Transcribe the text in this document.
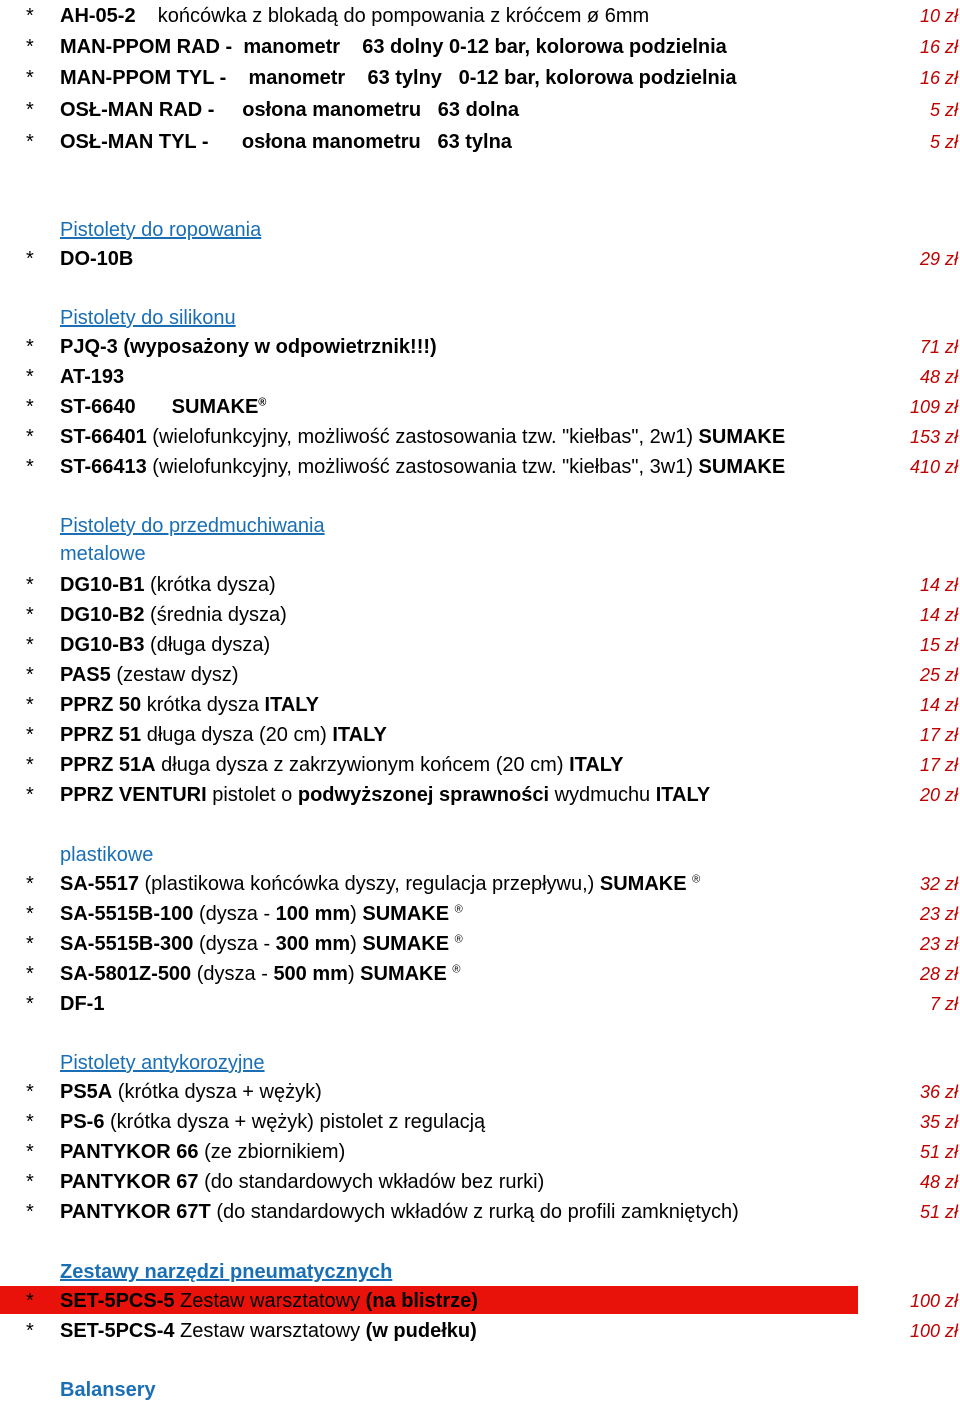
* AH-05-2    końcówka z blokadą do pompowania z króćcem ø 6mm	10 zł
* MAN-PPOM RAD -  manometr    63 dolny 0-12 bar, kolorowa podzielnia	16 zł
* MAN-PPOM TYL -    manometr    63 tylny   0-12 bar, kolorowa podzielnia	16 zł
* OSŁ-MAN RAD -     osłona manometru   63 dolna	5 zł
* OSŁ-MAN TYL -      osłona manometru   63 tylna	5 zł
Pistolety do ropowania
* DO-10B	29 zł
Pistolety do silikonu
* PJQ-3 (wyposażony w odpowietrznik!!!)	71 zł
* AT-193	48 zł
* ST-6640 SUMAKE®	109 zł
* ST-66401 (wielofunkcyjny, możliwość zastosowania tzw. "kiełbas", 2w1) SUMAKE	153 zł
* ST-66413 (wielofunkcyjny, możliwość zastosowania tzw. "kiełbas", 3w1) SUMAKE	410 zł
Pistolety do przedmuchiwania
metalowe
* DG10-B1 (krótka dysza)	14 zł
* DG10-B2 (średnia dysza)	14 zł
* DG10-B3 (długa dysza)	15 zł
* PAS5 (zestaw dysz)	25 zł
* PPRZ 50 krótka dysza ITALY	14 zł
* PPRZ 51 długa dysza (20 cm) ITALY	17 zł
* PPRZ 51A długa dysza z zakrzywionym końcem (20 cm) ITALY	17 zł
* PPRZ VENTURI pistolet o podwyższonej sprawności wydmuchu ITALY	20 zł
plastikowe
* SA-5517 (plastikowa końcówka dyszy, regulacja przepływu,) SUMAKE ®	32 zł
* SA-5515B-100 (dysza - 100 mm) SUMAKE ®	23 zł
* SA-5515B-300 (dysza - 300 mm) SUMAKE ®	23 zł
* SA-5801Z-500 (dysza - 500 mm) SUMAKE ®	28 zł
* DF-1	7 zł
Pistolety antykorozyjne
* PS5A (krótka dysza + wężyk)	36 zł
* PS-6 (krótka dysza + wężyk) pistolet z regulacją	35 zł
* PANTYKOR 66 (ze zbiornikiem)	51 zł
* PANTYKOR 67 (do standardowych wkładów bez rurki)	48 zł
* PANTYKOR 67T (do standardowych wkładów z rurką do profili zamkniętych)	51 zł
Zestawy narzędzi pneumatycznych
* SET-5PCS-5 Zestaw warsztatowy (na blistrze)	100 zł
* SET-5PCS-4 Zestaw warsztatowy (w pudełku)	100 zł
Balansery
